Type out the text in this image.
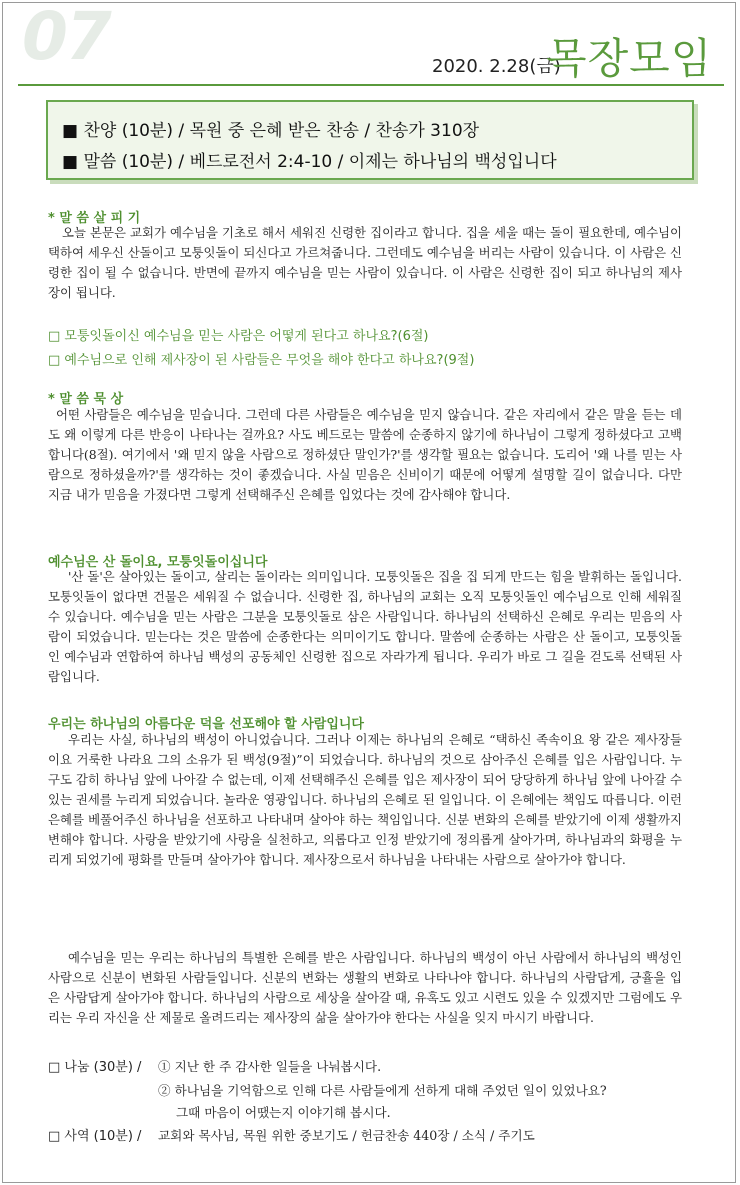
07	2020. 2.28(금)
목장모임
■ 찬양 (10분) / 목원 중 은혜 받은 찬송 / 찬송가 310장
■ 말씀 (10분) / 베드로전서 2:4-10 / 이제는 하나님의 백성입니다
* 말 씀 살 피 기

오늘 본문은 교회가 예수님을 기초로 해서 세워진 신령한 집이라고 합니다. 집을 세울 때는 돌이 필요한데, 예수님이 택하여 세우신 산돌이고 모퉁잇돌이 되신다고 가르쳐줍니다. 그런데도 예수님을 버리는 사람이 있습니다. 이 사람은 신령한 집이 될 수 없습니다. 반면에 끝까지 예수님을 믿는 사람이 있습니다. 이 사람은 신령한 집이 되고 하나님의 제사장이 됩니다.

□ 모퉁잇돌이신 예수님을 믿는 사람은 어떻게 된다고 하나요?(6절)
□ 예수님으로 인해 제사장이 된 사람들은 무엇을 해야 한다고 하나요?(9절)
* 말 씀 묵 상

어떤 사람들은 예수님을 믿습니다. 그런데 다른 사람들은 예수님을 믿지 않습니다. 같은 자리에서 같은 말을 듣는 데도 왜 이렇게 다른 반응이 나타나는 걸까요? 사도 베드로는 말씀에 순종하지 않기에 하나님이 그렇게 정하셨다고 고백합니다(8절). 여기에서 '왜 믿지 않을 사람으로 정하셨단 말인가?'를 생각할 필요는 없습니다. 도리어 '왜 나를 믿는 사람으로 정하셨을까?'를 생각하는 것이 좋겠습니다. 사실 믿음은 신비이기 때문에 어떻게 설명할 길이 없습니다. 다만 지금 내가 믿음을 가졌다면 그렇게 선택해주신 은혜를 입었다는 것에 감사해야 합니다.

예수님은 산 돌이요, 모퉁잇돌이십니다

'산 돌'은 살아있는 돌이고, 살리는 돌이라는 의미입니다. 모퉁잇돌은 집을 집 되게 만드는 힘을 발휘하는 돌입니다. 모퉁잇돌이 없다면 건물은 세워질 수 없습니다. 신령한 집, 하나님의 교회는 오직 모퉁잇돌인 예수님으로 인해 세워질 수 있습니다. 예수님을 믿는 사람은 그분을 모퉁잇돌로 삼은 사람입니다. 하나님의 선택하신 은혜로 우리는 믿음의 사람이 되었습니다. 믿는다는 것은 말씀에 순종한다는 의미이기도 합니다. 말씀에 순종하는 사람은 산 돌이고, 모퉁잇돌인 예수님과 연합하여 하나님 백성의 공동체인 신령한 집으로 자라가게 됩니다. 우리가 바로 그 길을 걷도록 선택된 사람입니다.

우리는 하나님의 아름다운 덕을 선포해야 할 사람입니다

우리는 사실, 하나님의 백성이 아니었습니다. 그러나 이제는 하나님의 은혜로 “택하신 족속이요 왕 같은 제사장들이요 거룩한 나라요 그의 소유가 된 백성(9절)”이 되었습니다. 하나님의 것으로 삼아주신 은혜를 입은 사람입니다. 누구도 감히 하나님 앞에 나아갈 수 없는데, 이제 선택해주신 은혜를 입은 제사장이 되어 당당하게 하나님 앞에 나아갈 수 있는 권세를 누리게 되었습니다. 놀라운 영광입니다. 하나님의 은혜로 된 일입니다. 이 은혜에는 책임도 따릅니다. 이런 은혜를 베풀어주신 하나님을 선포하고 나타내며 살아야 하는 책임입니다. 신분 변화의 은혜를 받았기에 이제 생활까지 변해야 합니다. 사랑을 받았기에 사랑을 실천하고, 의롭다고 인정 받았기에 정의롭게 살아가며, 하나님과의 화평을 누리게 되었기에 평화를 만들며 살아가야 합니다. 제사장으로서 하나님을 나타내는 사람으로 살아가야 합니다.

예수님을 믿는 우리는 하나님의 특별한 은혜를 받은 사람입니다. 하나님의 백성이 아닌 사람에서 하나님의 백성인 사람으로 신분이 변화된 사람들입니다. 신분의 변화는 생활의 변화로 나타나야 합니다. 하나님의 사람답게, 긍휼을 입은 사람답게 살아가야 합니다. 하나님의 사람으로 세상을 살아갈 때, 유혹도 있고 시련도 있을 수 있겠지만 그럼에도 우리는 우리 자신을 산 제물로 올려드리는 제사장의 삶을 살아가야 한다는 사실을 잊지 마시기 바랍니다.

□ 나눔 (30분) / ① 지난 한 주 감사한 일들을 나눠봅시다.
② 하나님을 기억함으로 인해 다른 사람들에게 선하게 대해 주었던 일이 있었나요?
그때 마음이 어땠는지 이야기해 봅시다.
□ 사역 (10분) / 교회와 목사님, 목원 위한 중보기도 / 헌금찬송 440장 / 소식 / 주기도
